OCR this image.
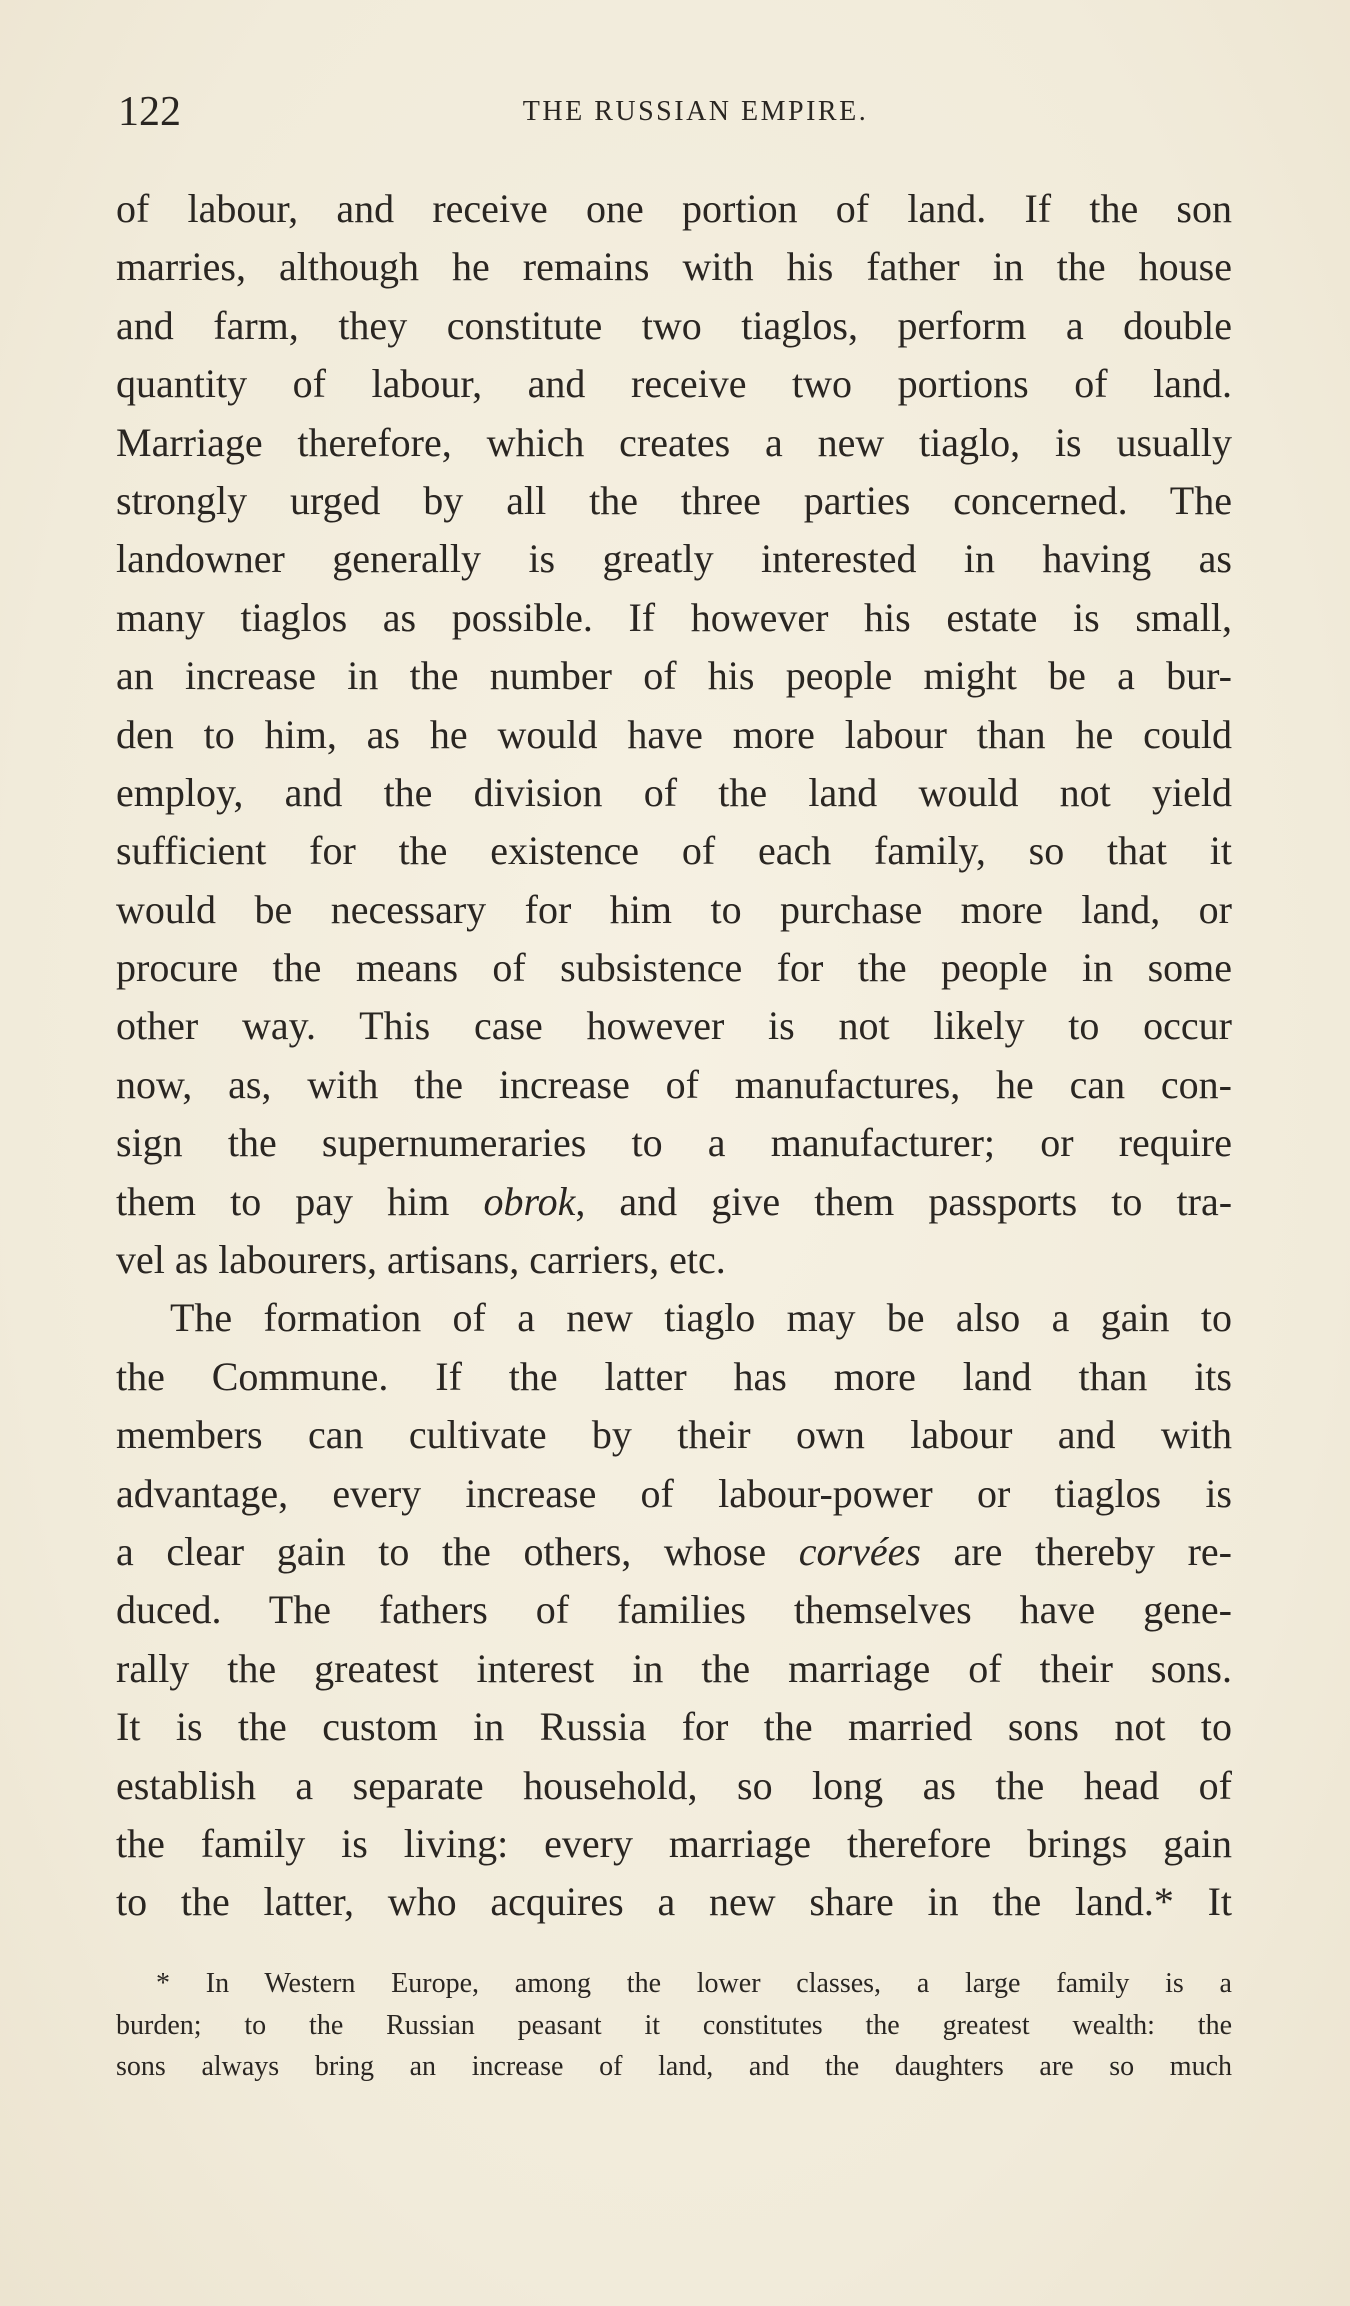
122	THE RUSSIAN EMPIRE.
of labour, and receive one portion of land. If the son
marries, although he remains with his father in the house
and farm, they constitute two tiaglos, perform a double
quantity of labour, and receive two portions of land.
Marriage therefore, which creates a new tiaglo, is usually
strongly urged by all the three parties concerned. The
landowner generally is greatly interested in having as
many tiaglos as possible. If however his estate is small,
an increase in the number of his people might be a bur-
den to him, as he would have more labour than he could
employ, and the division of the land would not yield
sufficient for the existence of each family, so that it
would be necessary for him to purchase more land, or
procure the means of subsistence for the people in some
other way. This case however is not likely to occur
now, as, with the increase of manufactures, he can con-
sign the supernumeraries to a manufacturer; or require
them to pay him obrok, and give them passports to tra-
vel as labourers, artisans, carriers, etc.
The formation of a new tiaglo may be also a gain to
the Commune. If the latter has more land than its
members can cultivate by their own labour and with
advantage, every increase of labour-power or tiaglos is
a clear gain to the others, whose corvées are thereby re-
duced. The fathers of families themselves have gene-
rally the greatest interest in the marriage of their sons.
It is the custom in Russia for the married sons not to
establish a separate household, so long as the head of
the family is living: every marriage therefore brings gain
to the latter, who acquires a new share in the land.* It
* In Western Europe, among the lower classes, a large family is a
burden; to the Russian peasant it constitutes the greatest wealth: the
sons always bring an increase of land, and the daughters are so much
